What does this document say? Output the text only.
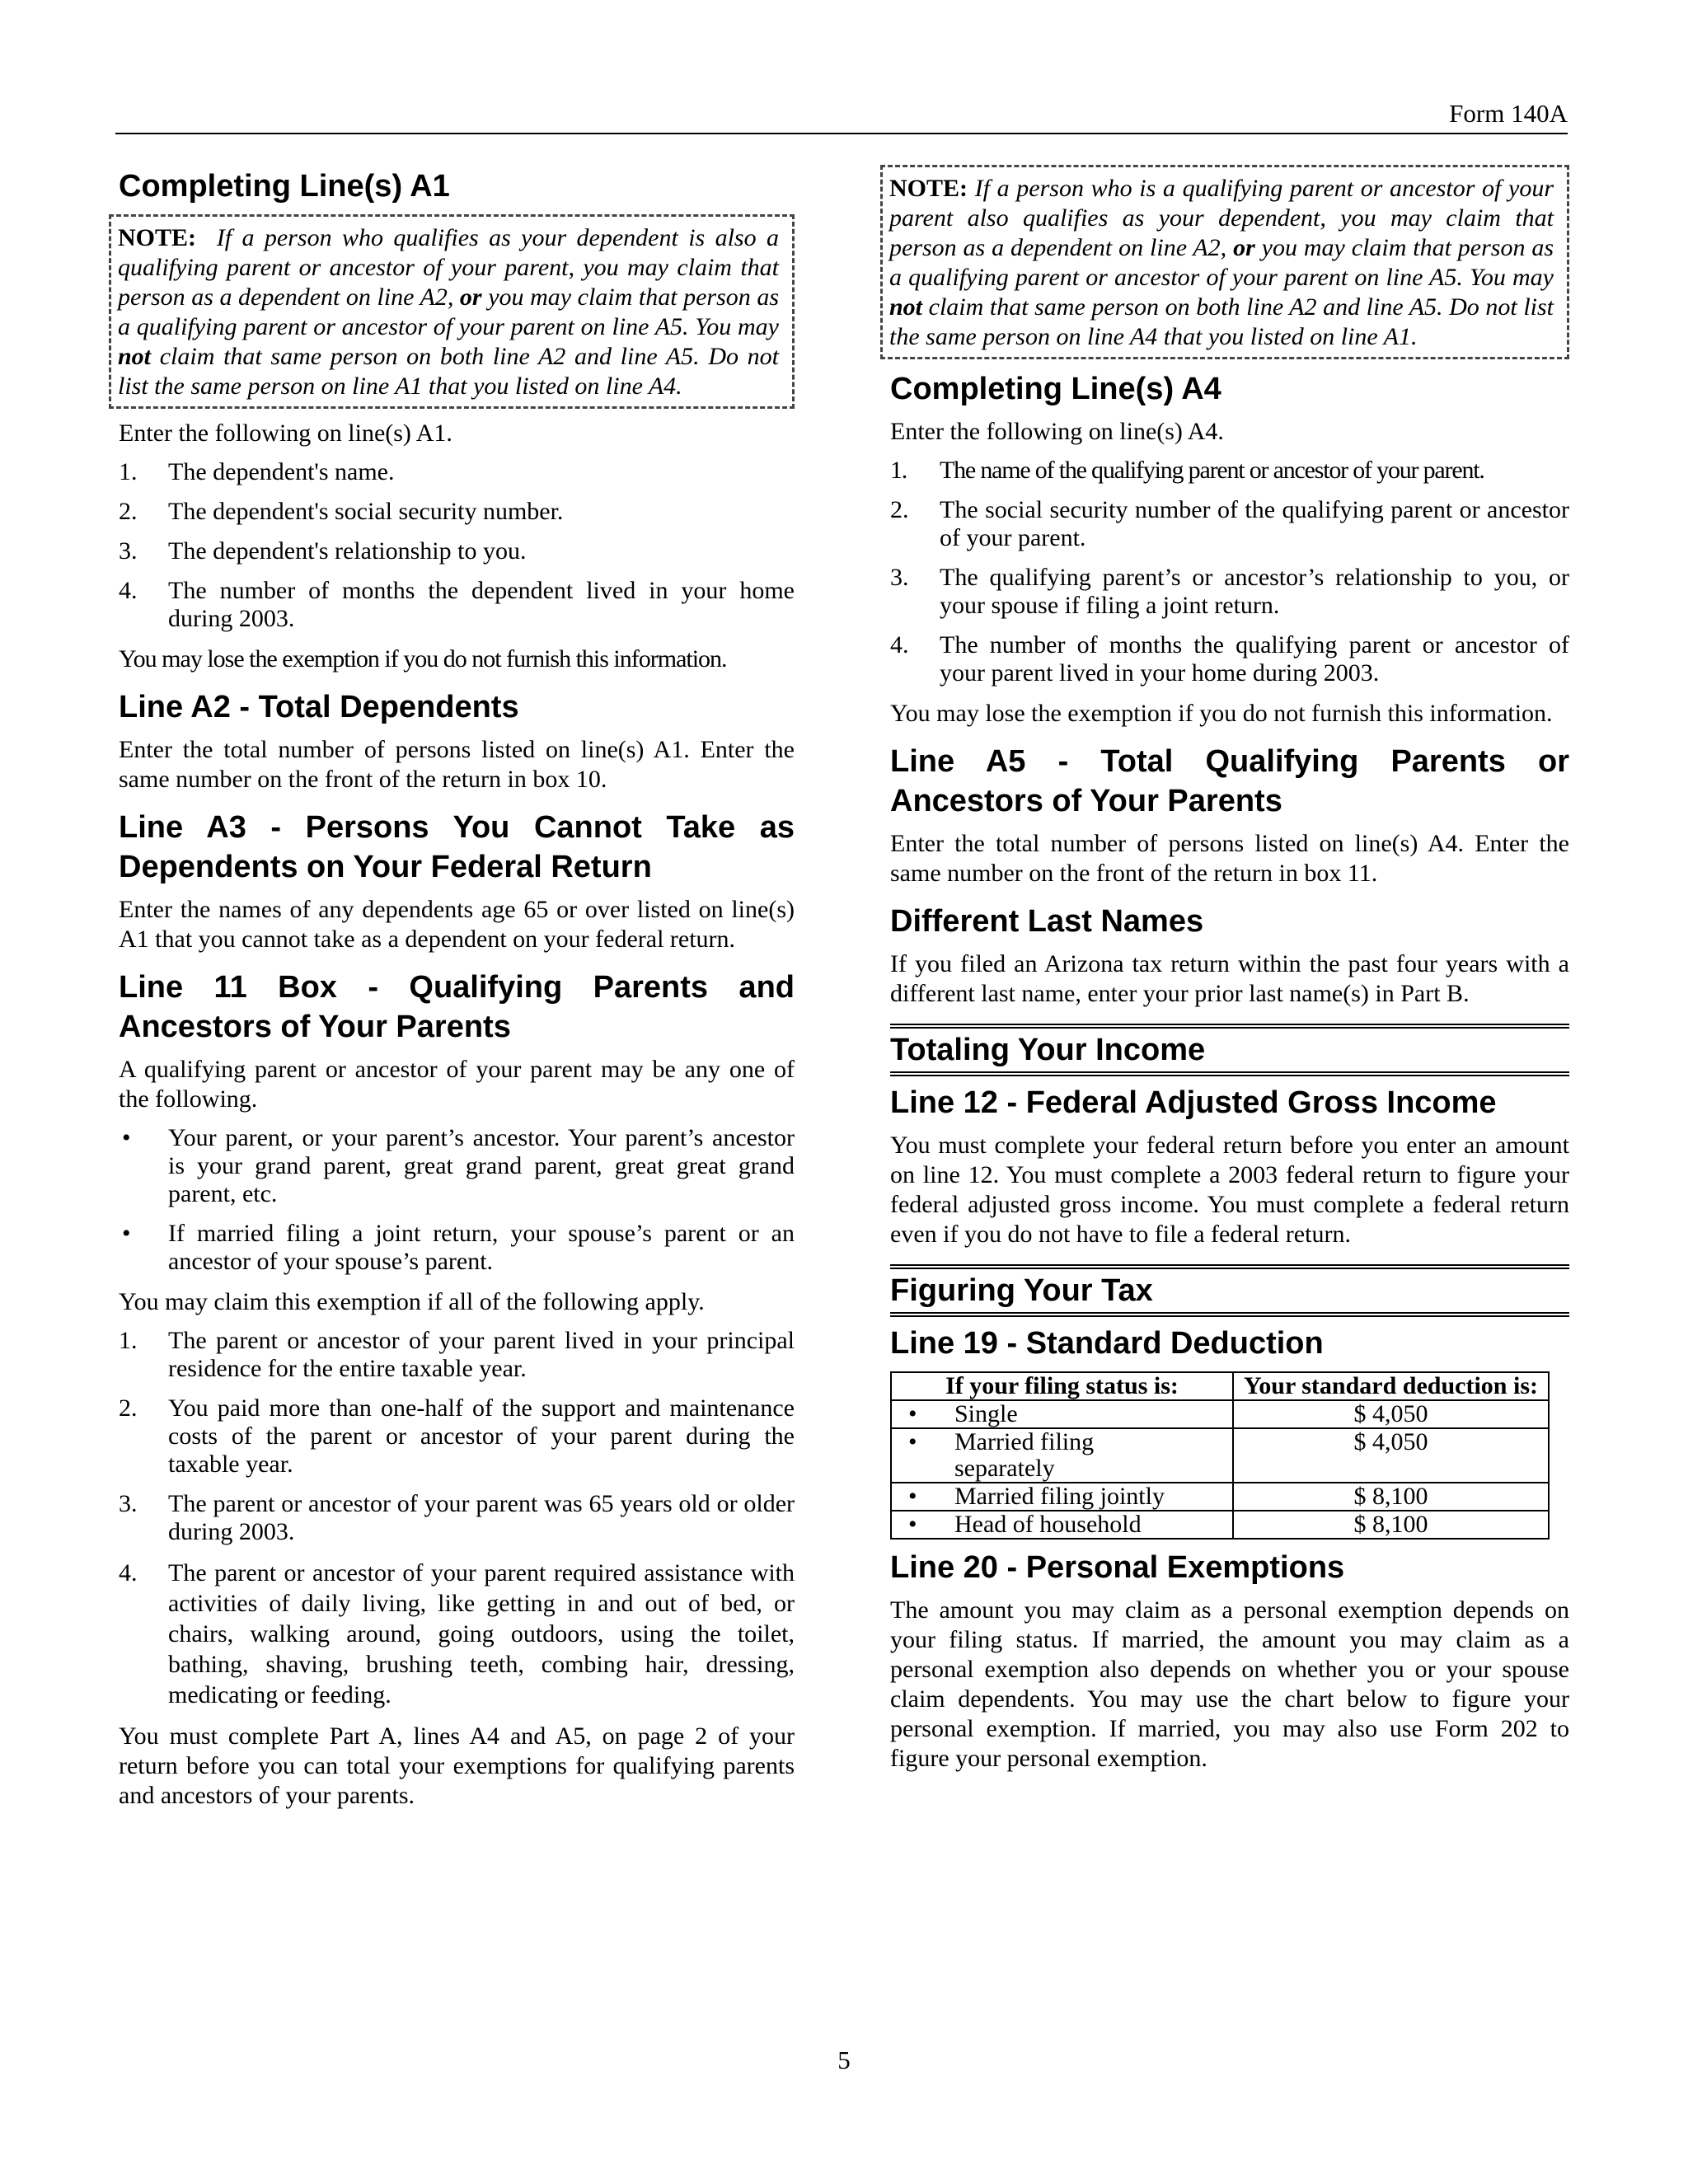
Form 140A
Completing Line(s) A1
NOTE: If a person who qualifies as your dependent is also a qualifying parent or ancestor of your parent, you may claim that person as a dependent on line A2, or you may claim that person as a qualifying parent or ancestor of your parent on line A5. You may not claim that same person on both line A2 and line A5. Do not list the same person on line A1 that you listed on line A4.

Enter the following on line(s) A1.

1. The dependent's name.
2. The dependent's social security number.
3. The dependent's relationship to you.
4. The number of months the dependent lived in your home during 2003.

You may lose the exemption if you do not furnish this information.

Line A2 - Total Dependents

Enter the total number of persons listed on line(s) A1. Enter the same number on the front of the return in box 10.

Line A3 - Persons You Cannot Take as Dependents on Your Federal Return

Enter the names of any dependents age 65 or over listed on line(s) A1 that you cannot take as a dependent on your federal return.

Line 11 Box - Qualifying Parents and Ancestors of Your Parents

A qualifying parent or ancestor of your parent may be any one of the following.

• Your parent, or your parent’s ancestor. Your parent’s ancestor is your grand parent, great grand parent, great great grand parent, etc.
• If married filing a joint return, your spouse’s parent or an ancestor of your spouse’s parent.

You may claim this exemption if all of the following apply.

1. The parent or ancestor of your parent lived in your principal residence for the entire taxable year.
2. You paid more than one-half of the support and maintenance costs of the parent or ancestor of your parent during the taxable year.
3. The parent or ancestor of your parent was 65 years old or older during 2003.
4. The parent or ancestor of your parent required assistance with activities of daily living, like getting in and out of bed, or chairs, walking around, going outdoors, using the toilet, bathing, shaving, brushing teeth, combing hair, dressing, medicating or feeding.

You must complete Part A, lines A4 and A5, on page 2 of your return before you can total your exemptions for qualifying parents and ancestors of your parents.

NOTE: If a person who is a qualifying parent or ancestor of your parent also qualifies as your dependent, you may claim that person as a dependent on line A2, or you may claim that person as a qualifying parent or ancestor of your parent on line A5. You may not claim that same person on both line A2 and line A5. Do not list the same person on line A4 that you listed on line A1.
Completing Line(s) A4

Enter the following on line(s) A4.

1. The name of the qualifying parent or ancestor of your parent.
2. The social security number of the qualifying parent or ancestor of your parent.
3. The qualifying parent’s or ancestor’s relationship to you, or your spouse if filing a joint return.
4. The number of months the qualifying parent or ancestor of your parent lived in your home during 2003.

You may lose the exemption if you do not furnish this information.

Line A5 - Total Qualifying Parents or Ancestors of Your Parents

Enter the total number of persons listed on line(s) A4. Enter the same number on the front of the return in box 11.

Different Last Names

If you filed an Arizona tax return within the past four years with a different last name, enter your prior last name(s) in Part B.

Totaling Your Income
Line 12 - Federal Adjusted Gross Income

You must complete your federal return before you enter an amount on line 12. You must complete a 2003 federal return to figure your federal adjusted gross income. You must complete a federal return even if you do not have to file a federal return.

Figuring Your Tax
Line 19 - Standard Deduction
If your filing status is:	Your standard deduction is:
• Single	$ 4,050

• Married filing separately	$ 4,050
• Married filing jointly	$ 8,100
• Head of household	$ 8,100
Line 20 - Personal Exemptions

The amount you may claim as a personal exemption depends on your filing status. If married, the amount you may claim as a personal exemption also depends on whether you or your spouse claim dependents. You may use the chart below to figure your personal exemption. If married, you may also use Form 202 to figure your personal exemption.

5
